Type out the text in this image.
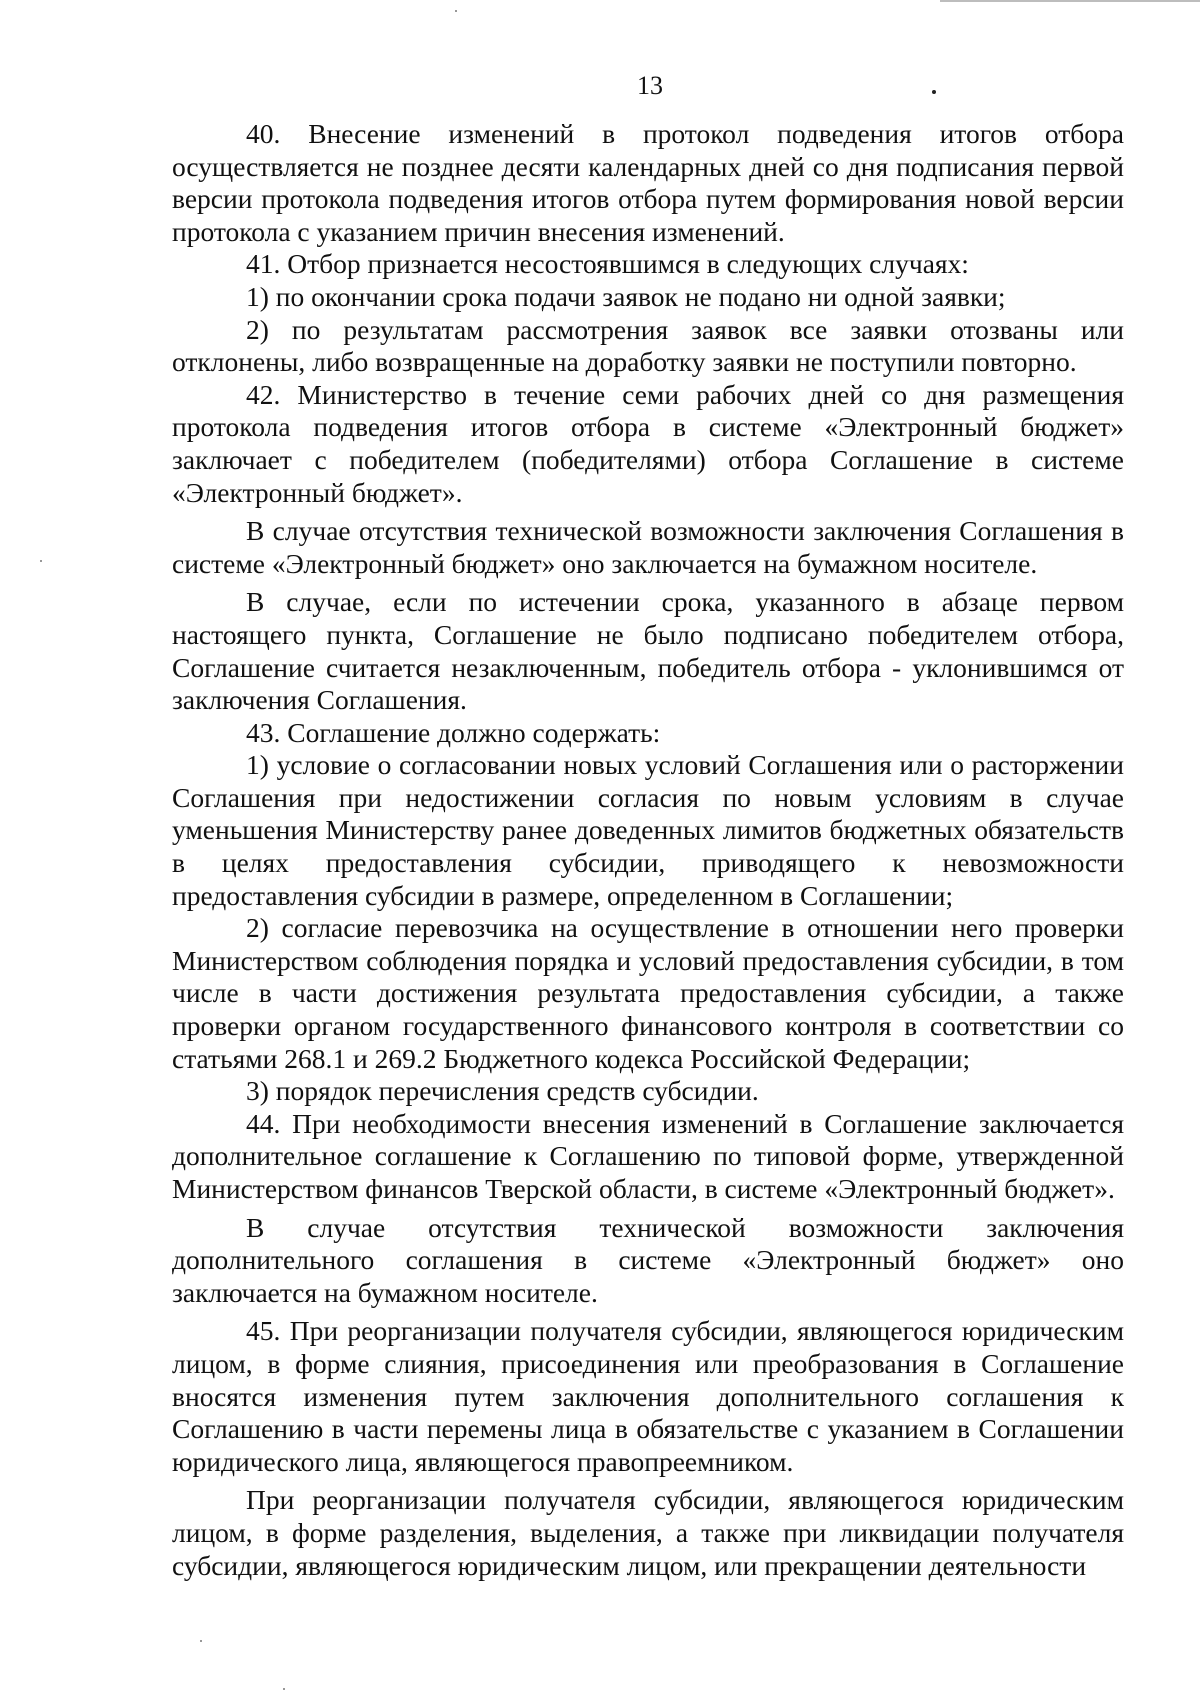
13

40. Внесение изменений в протокол подведения итогов отбора осуществляется не позднее десяти календарных дней со дня подписания первой версии протокола подведения итогов отбора путем формирования новой версии протокола с указанием причин внесения изменений.

41. Отбор признается несостоявшимся в следующих случаях:

1) по окончании срока подачи заявок не подано ни одной заявки;

2) по результатам рассмотрения заявок все заявки отозваны или отклонены, либо возвращенные на доработку заявки не поступили повторно.

42. Министерство в течение семи рабочих дней со дня размещения протокола подведения итогов отбора в системе «Электронный бюджет» заключает с победителем (победителями) отбора Соглашение в системе «Электронный бюджет».

В случае отсутствия технической возможности заключения Соглашения в системе «Электронный бюджет» оно заключается на бумажном носителе.

В случае, если по истечении срока, указанного в абзаце первом настоящего пункта, Соглашение не было подписано победителем отбора, Соглашение считается незаключенным, победитель отбора - уклонившимся от заключения Соглашения.

43. Соглашение должно содержать:

1) условие о согласовании новых условий Соглашения или о расторжении Соглашения при недостижении согласия по новым условиям в случае уменьшения Министерству ранее доведенных лимитов бюджетных обязательств в целях предоставления субсидии, приводящего к невозможности предоставления субсидии в размере, определенном в Соглашении;

2) согласие перевозчика на осуществление в отношении него проверки Министерством соблюдения порядка и условий предоставления субсидии, в том числе в части достижения результата предоставления субсидии, а также проверки органом государственного финансового контроля в соответствии со статьями 268.1 и 269.2 Бюджетного кодекса Российской Федерации;

3) порядок перечисления средств субсидии.

44. При необходимости внесения изменений в Соглашение заключается дополнительное соглашение к Соглашению по типовой форме, утвержденной Министерством финансов Тверской области, в системе «Электронный бюджет».

В случае отсутствия технической возможности заключения дополнительного соглашения в системе «Электронный бюджет» оно заключается на бумажном носителе.

45. При реорганизации получателя субсидии, являющегося юридическим лицом, в форме слияния, присоединения или преобразования в Соглашение вносятся изменения путем заключения дополнительного соглашения к Соглашению в части перемены лица в обязательстве с указанием в Соглашении юридического лица, являющегося правопреемником.

При реорганизации получателя субсидии, являющегося юридическим лицом, в форме разделения, выделения, а также при ликвидации получателя субсидии, являющегося юридическим лицом, или прекращении деятельности
